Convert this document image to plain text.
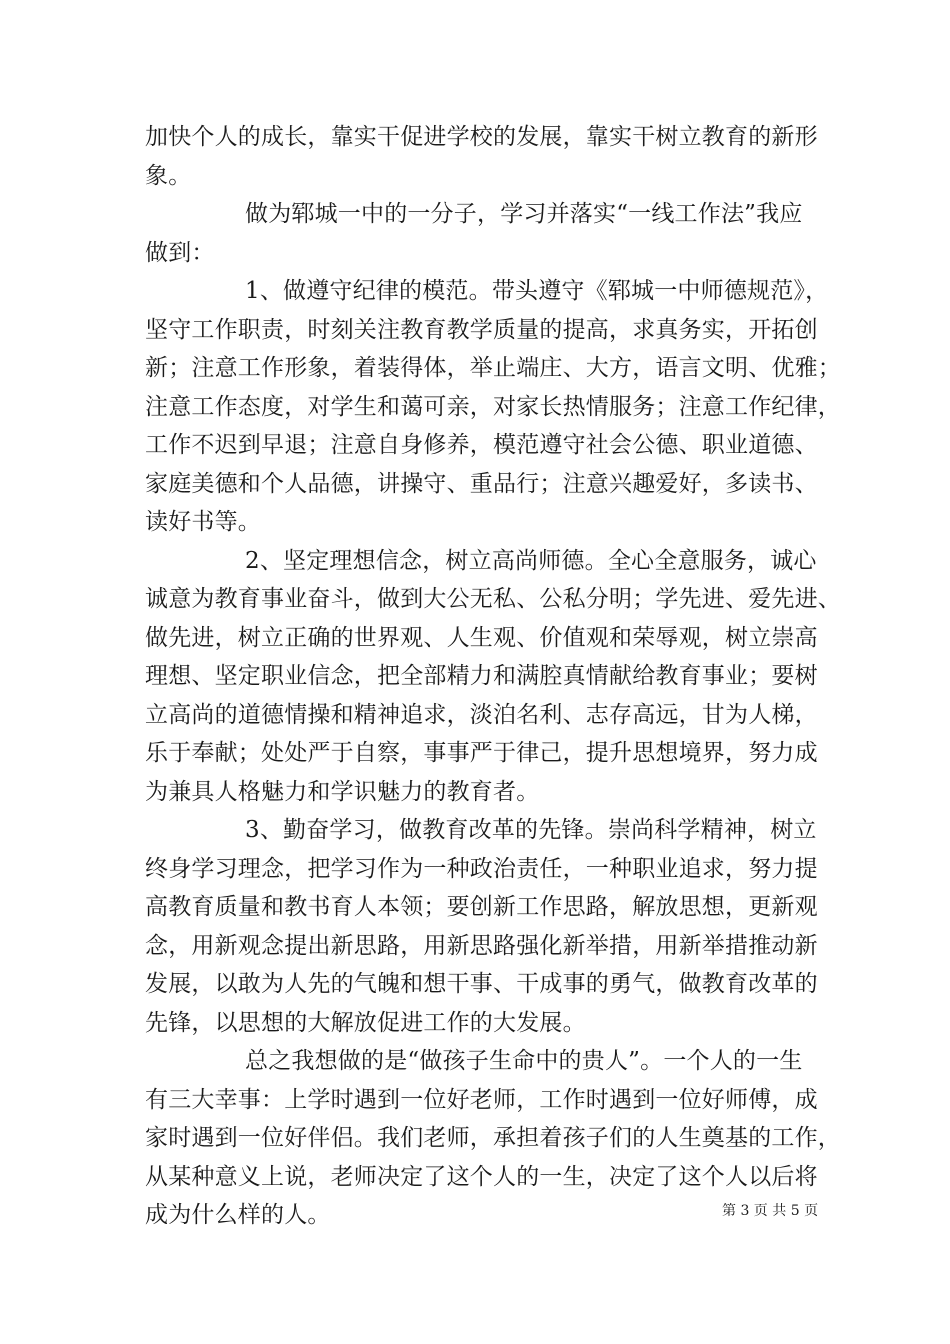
加快个人的成长，靠实干促进学校的发展，靠实干树立教育的新形
象。
做为郓城一中的一分子，学习并落实“一线工作法”我应
做到：
1、做遵守纪律的模范。带头遵守《郓城一中师德规范》，
坚守工作职责，时刻关注教育教学质量的提高，求真务实，开拓创
新；注意工作形象，着装得体，举止端庄、大方，语言文明、优雅；
注意工作态度，对学生和蔼可亲，对家长热情服务；注意工作纪律，
工作不迟到早退；注意自身修养，模范遵守社会公德、职业道德、
家庭美德和个人品德，讲操守、重品行；注意兴趣爱好，多读书、
读好书等。
2、坚定理想信念，树立高尚师德。全心全意服务，诚心
诚意为教育事业奋斗，做到大公无私、公私分明；学先进、爱先进、
做先进，树立正确的世界观、人生观、价值观和荣辱观，树立崇高
理想、坚定职业信念，把全部精力和满腔真情献给教育事业；要树
立高尚的道德情操和精神追求，淡泊名利、志存高远，甘为人梯，
乐于奉献；处处严于自察，事事严于律己，提升思想境界，努力成
为兼具人格魅力和学识魅力的教育者。
3、勤奋学习，做教育改革的先锋。崇尚科学精神，树立
终身学习理念，把学习作为一种政治责任，一种职业追求，努力提
高教育质量和教书育人本领；要创新工作思路，解放思想，更新观
念，用新观念提出新思路，用新思路强化新举措，用新举措推动新
发展，以敢为人先的气魄和想干事、干成事的勇气，做教育改革的
先锋，以思想的大解放促进工作的大发展。
总之我想做的是“做孩子生命中的贵人”。一个人的一生
有三大幸事：上学时遇到一位好老师，工作时遇到一位好师傅，成
家时遇到一位好伴侣。我们老师，承担着孩子们的人生奠基的工作，
从某种意义上说，老师决定了这个人的一生，决定了这个人以后将
成为什么样的人。	第 3 页 共 5 页
